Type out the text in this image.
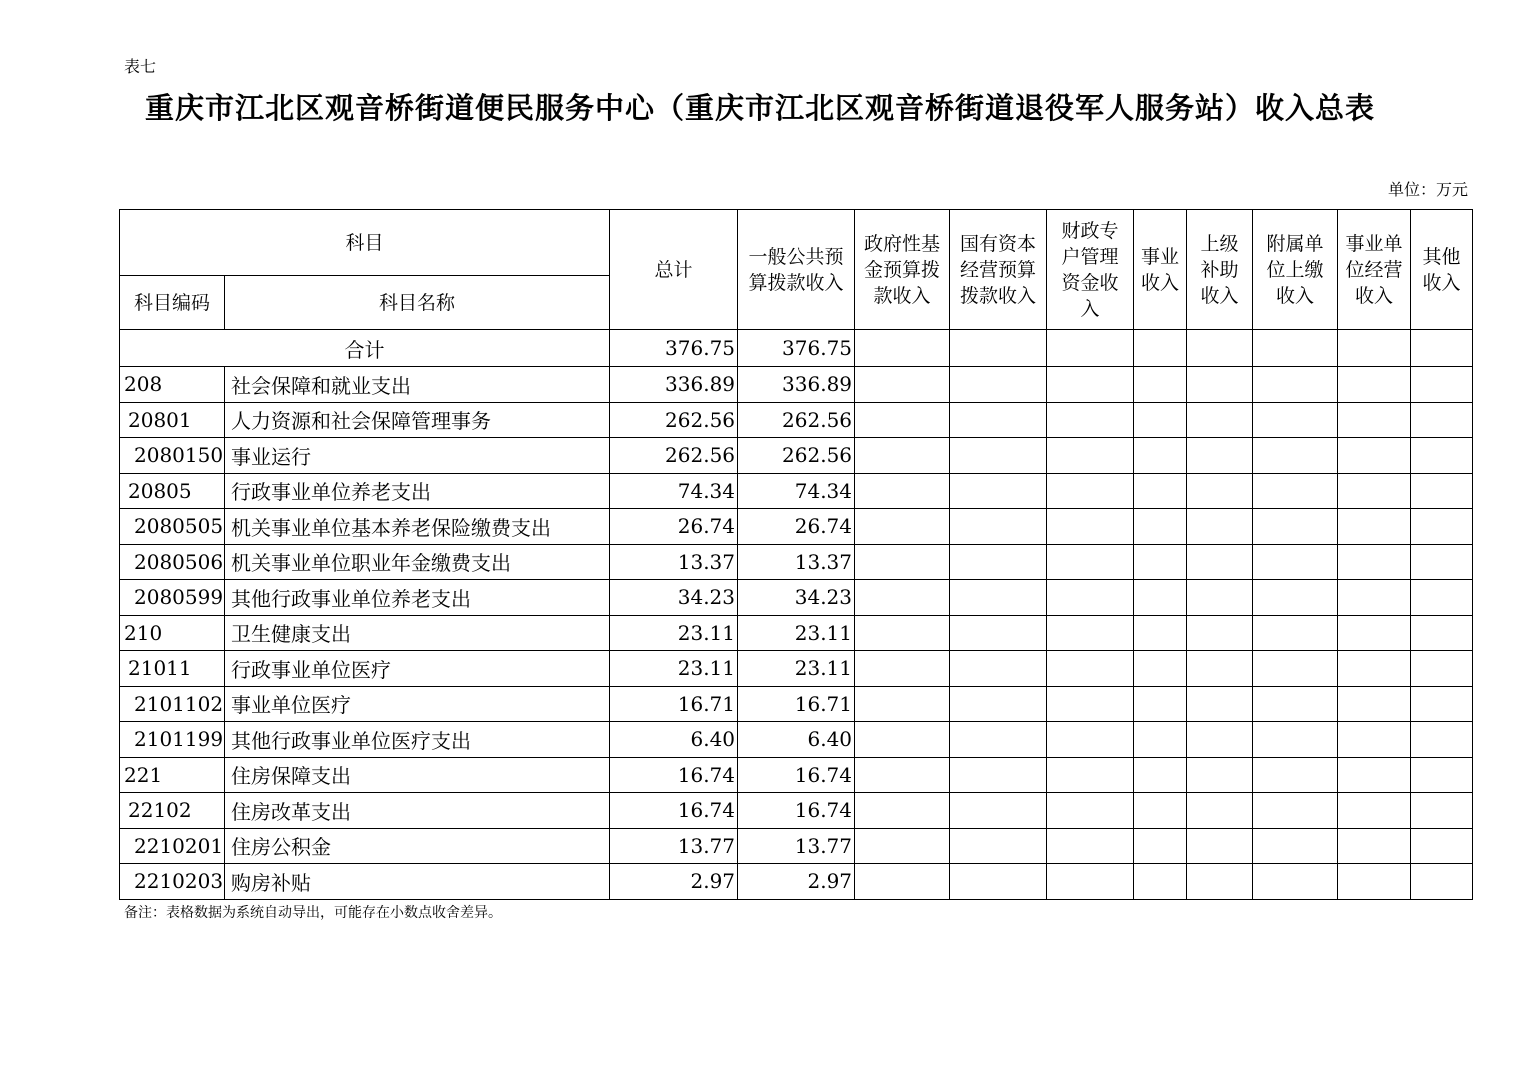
表七
重庆市江北区观音桥街道便民服务中心（重庆市江北区观音桥街道退役军人服务站）收入总表
单位：万元
科目		总计	一般公共预算拨款收入	政府性基金预算拨款收入	国有资本经营预算拨款收入	财政专户管理资金收入	事业收入	上级补助收入	附属单位上缴收入	事业单位经营收入	其他收入
科目编码	科目名称										
合计		376.75	376.75								
208	社会保障和就业支出	336.89	336.89								
20801	人力资源和社会保障管理事务	262.56	262.56								
2080150	事业运行	262.56	262.56								
20805	行政事业单位养老支出	74.34	74.34								
2080505	机关事业单位基本养老保险缴费支出	26.74	26.74								
2080506	机关事业单位职业年金缴费支出	13.37	13.37								
2080599	其他行政事业单位养老支出	34.23	34.23								
210	卫生健康支出	23.11	23.11								
21011	行政事业单位医疗	23.11	23.11								
2101102	事业单位医疗	16.71	16.71								
2101199	其他行政事业单位医疗支出	6.40	6.40								
221	住房保障支出	16.74	16.74								
22102	住房改革支出	16.74	16.74								
2210201	住房公积金	13.77	13.77								
2210203	购房补贴	2.97	2.97								
备注：表格数据为系统自动导出，可能存在小数点收舍差异。
